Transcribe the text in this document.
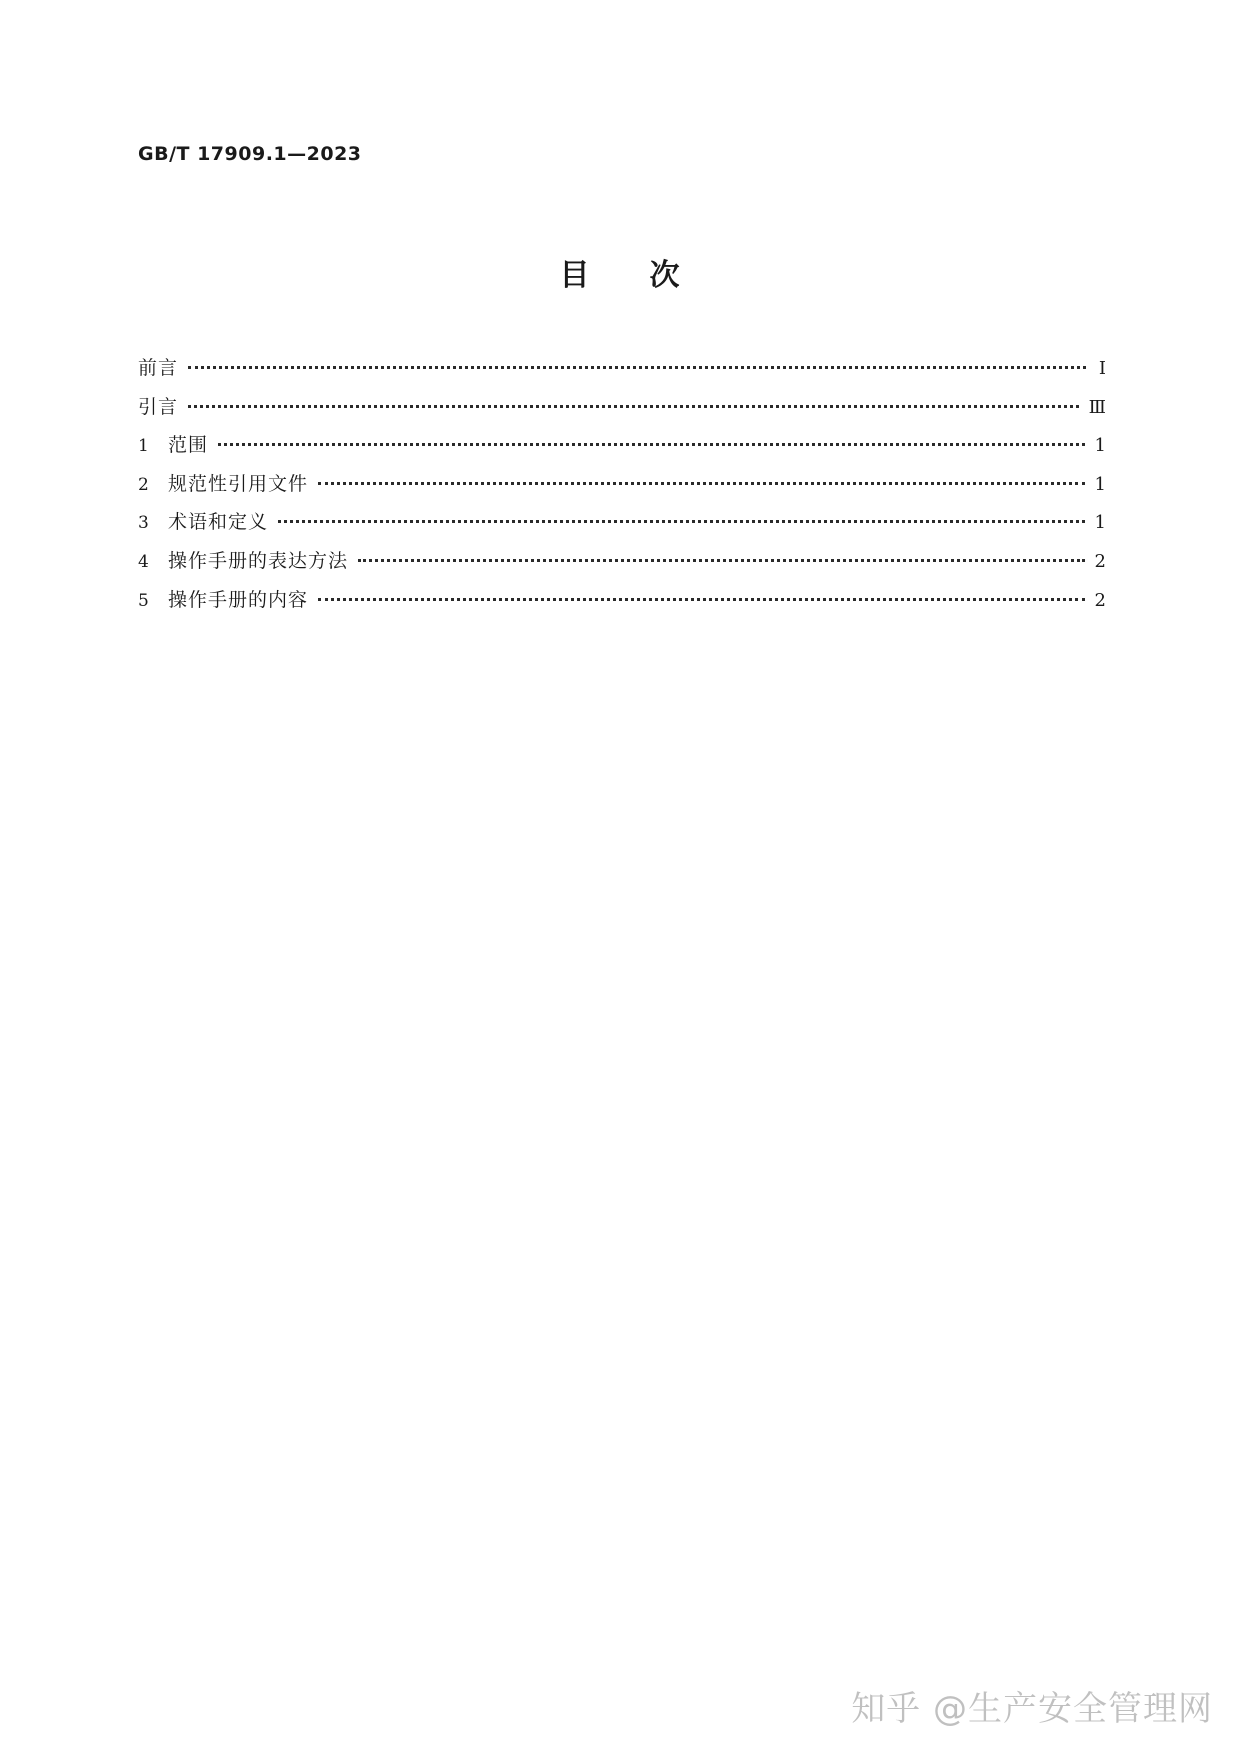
GB/T 17909.1—2023
目次
前言	Ⅰ
引言	Ⅲ
1	范围	1
2	规范性引用文件	1
3	术语和定义	1
4	操作手册的表达方法	2
5	操作手册的内容	2
知乎 @生产安全管理网
